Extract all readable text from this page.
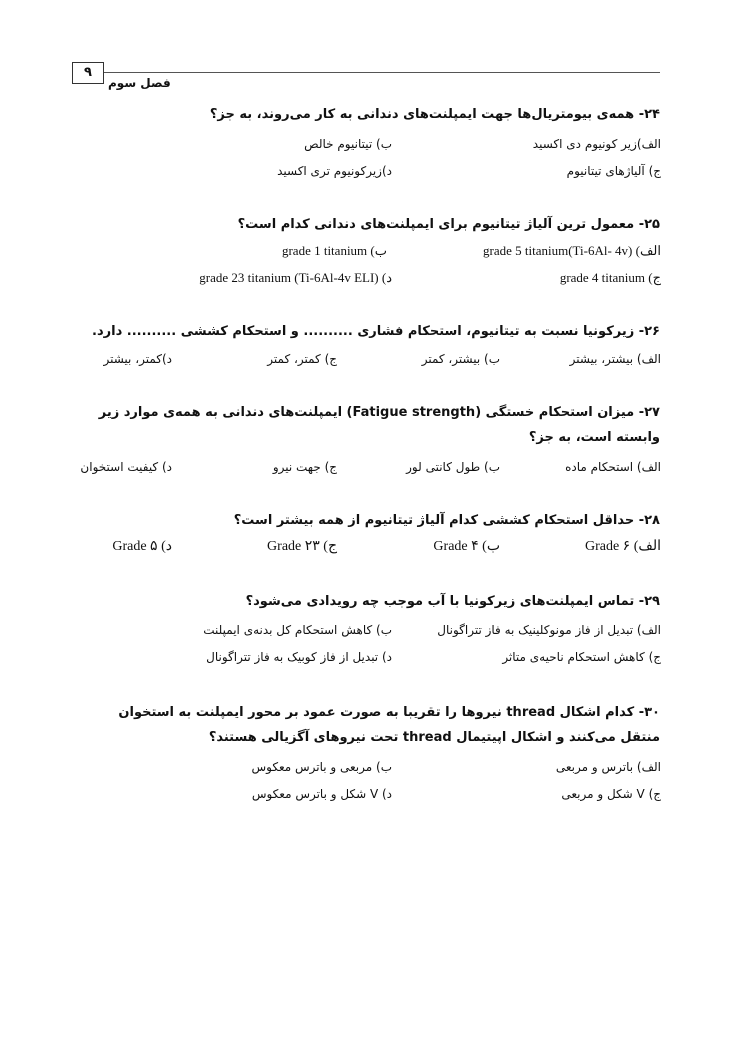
۹
فصل سوم
۲۴- همه‌ی بیومتریال‌ها جهت ایمپلنت‌های دندانی به کار می‌روند، به جز؟
الف)زیر کونیوم دی اکسید
ب) تیتانیوم خالص
ج) آلیاژهای تیتانیوم
د)زیرکونیوم تری اکسید
۲۵- معمول ترین آلیاژ تیتانیوم برای ایمپلنت‌های دندانی کدام است؟
الف) (Ti-6Al- 4v)grade 5 titanium
ب) grade 1 titanium
ج) grade 4 titanium
د) (Ti-6Al-4v ELI) grade 23 titanium
۲۶- زیرکونیا نسبت به تیتانیوم، استحکام فشاری .......... و استحکام کششی .......... دارد.
الف) بیشتر، بیشتر
ب) بیشتر، کمتر
ج) کمتر، کمتر
د)کمتر، بیشتر
۲۷- میزان استحکام خستگی (Fatigue strength) ایمپلنت‌های دندانی به همه‌ی موارد زیر وابسته است، به جز؟
الف) استحکام ماده
ب) طول کانتی لور
ج) جهت نیرو
د) کیفیت استخوان
۲۸- حداقل استحکام کششی کدام آلیاژ تیتانیوم از همه بیشتر است؟
الف) Grade ۶
ب) Grade ۴
ج) Grade ۲۳
د) Grade ۵
۲۹- تماس ایمپلنت‌های زیرکونیا با آب موجب چه رویدادی می‌شود؟
الف) تبدیل از فاز مونوکلینیک به فاز تتراگونال
ب) کاهش استحکام کل بدنه‌ی ایمپلنت
ج) کاهش استحکام ناحیه‌ی متاثر
د) تبدیل از فاز کوبیک به فاز تتراگونال
۳۰- کدام اشکال thread نیروها را تقریبا به صورت عمود بر محور ایمپلنت به استخوان منتقل می‌کنند و اشکال اپیتیمال thread تحت نیروهای آگزیالی هستند؟
الف) باترس و مربعی
ب) مربعی و باترس معکوس
ج) V شکل و مربعی
د) V شکل و باترس معکوس
